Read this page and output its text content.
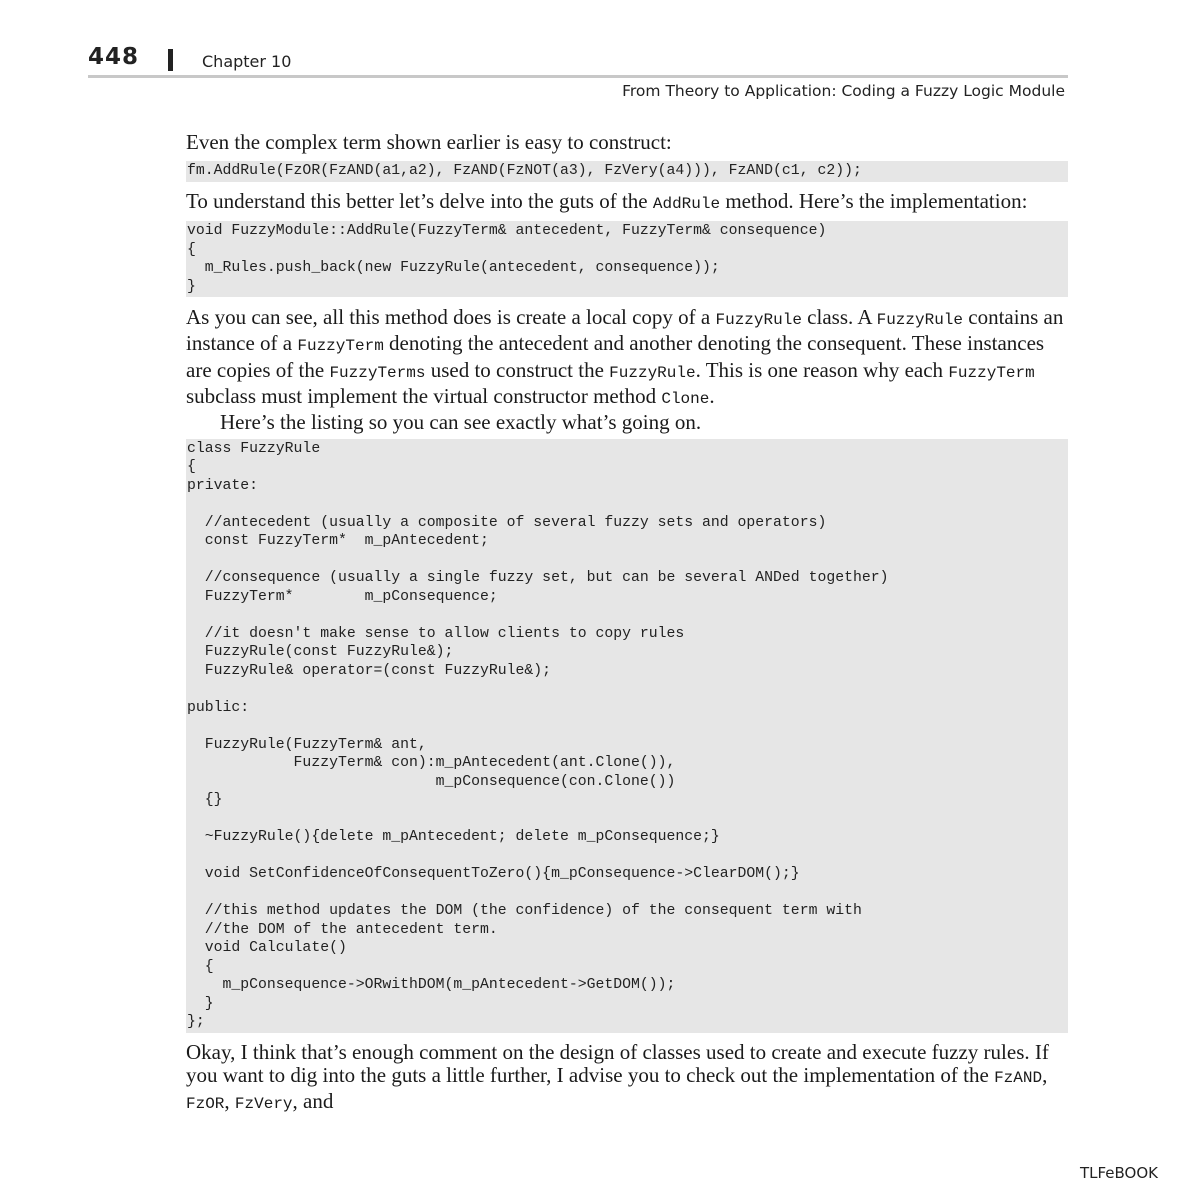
448	Chapter 10
From Theory to Application: Coding a Fuzzy Logic Module

Even the complex term shown earlier is easy to construct:

fm.AddRule(FzOR(FzAND(a1,a2), FzAND(FzNOT(a3), FzVery(a4))), FzAND(c1, c2));

To understand this better let’s delve into the guts of the AddRule method. Here’s the implementation:

void FuzzyModule::AddRule(FuzzyTerm& antecedent, FuzzyTerm& consequence)
{
m_Rules.push_back(new FuzzyRule(antecedent, consequence));
}

As you can see, all this method does is create a local copy of a FuzzyRule class. A FuzzyRule contains an instance of a FuzzyTerm denoting the antecedent and another denoting the consequent. These instances are copies of the FuzzyTerms used to construct the FuzzyRule. This is one reason why each FuzzyTerm subclass must implement the virtual constructor method Clone.

Here’s the listing so you can see exactly what’s going on.

class FuzzyRule
{
private:

//antecedent (usually a composite of several fuzzy sets and operators)
const FuzzyTerm*  m_pAntecedent;

//consequence (usually a single fuzzy set, but can be several ANDed together)
FuzzyTerm*        m_pConsequence;

//it doesn't make sense to allow clients to copy rules
FuzzyRule(const FuzzyRule&);
FuzzyRule& operator=(const FuzzyRule&);

public:

FuzzyRule(FuzzyTerm& ant,
FuzzyTerm& con):m_pAntecedent(ant.Clone()),
m_pConsequence(con.Clone())
{}

~FuzzyRule(){delete m_pAntecedent; delete m_pConsequence;}

void SetConfidenceOfConsequentToZero(){m_pConsequence->ClearDOM();}

//this method updates the DOM (the confidence) of the consequent term with
//the DOM of the antecedent term.
void Calculate()
{
m_pConsequence->ORwithDOM(m_pAntecedent->GetDOM());
}
};

Okay, I think that’s enough comment on the design of classes used to create and execute fuzzy rules. If you want to dig into the guts a little further, I advise you to check out the implementation of the FzAND, FzOR, FzVery, and

TLFeBOOK
